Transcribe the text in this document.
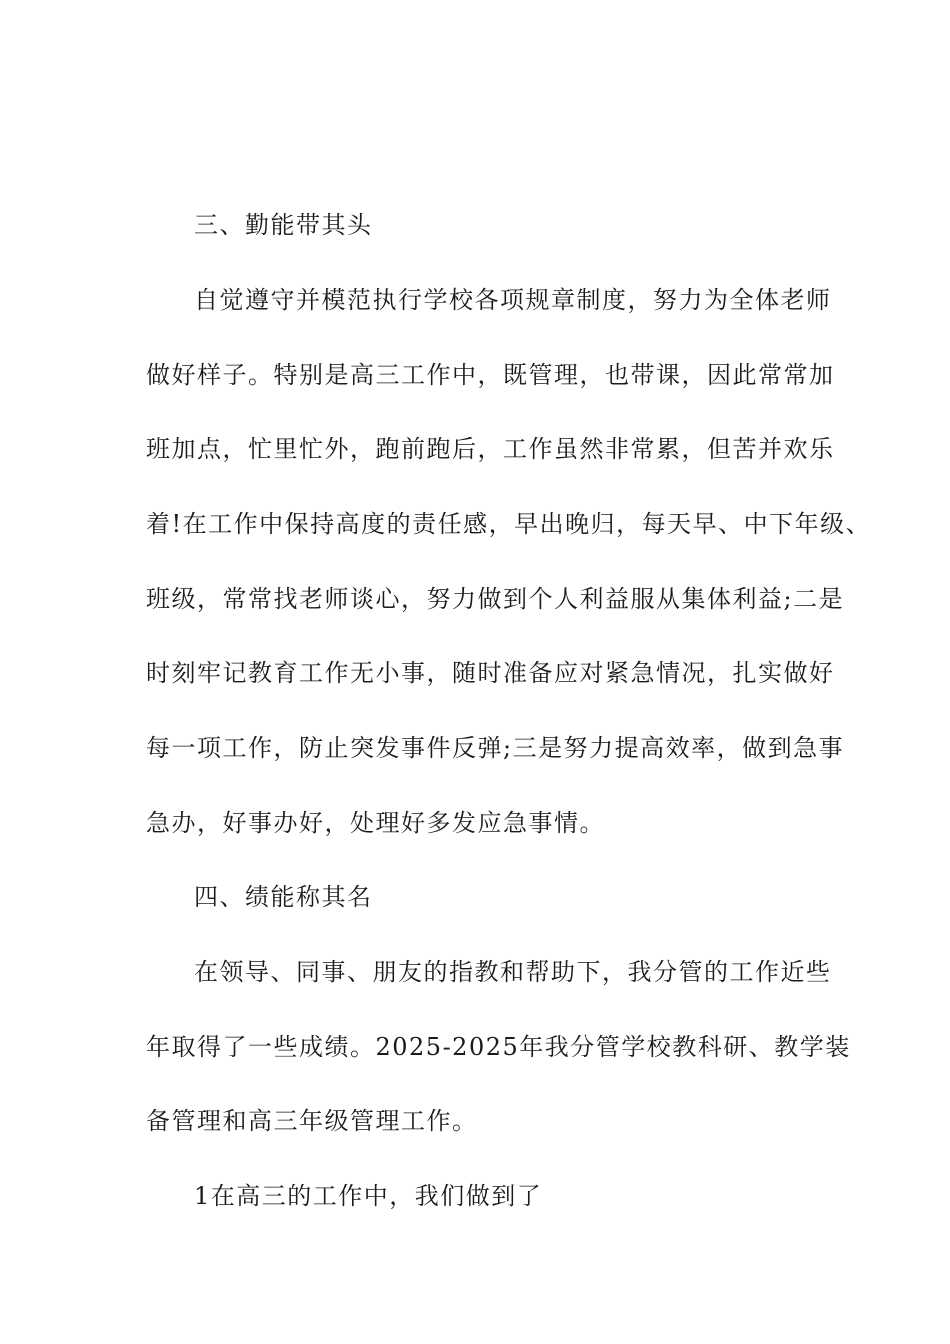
三、勤能带其头
自觉遵守并模范执行学校各项规章制度，努力为全体老师
做好样子。特别是高三工作中，既管理，也带课，因此常常加
班加点，忙里忙外，跑前跑后，工作虽然非常累，但苦并欢乐
着!在工作中保持高度的责任感，早出晚归，每天早、中下年级、
班级，常常找老师谈心，努力做到个人利益服从集体利益;二是
时刻牢记教育工作无小事，随时准备应对紧急情况，扎实做好
每一项工作，防止突发事件反弹;三是努力提高效率，做到急事
急办，好事办好，处理好多发应急事情。
四、绩能称其名
在领导、同事、朋友的指教和帮助下，我分管的工作近些
年取得了一些成绩。2025-2025年我分管学校教科研、教学装
备管理和高三年级管理工作。
1在高三的工作中，我们做到了
